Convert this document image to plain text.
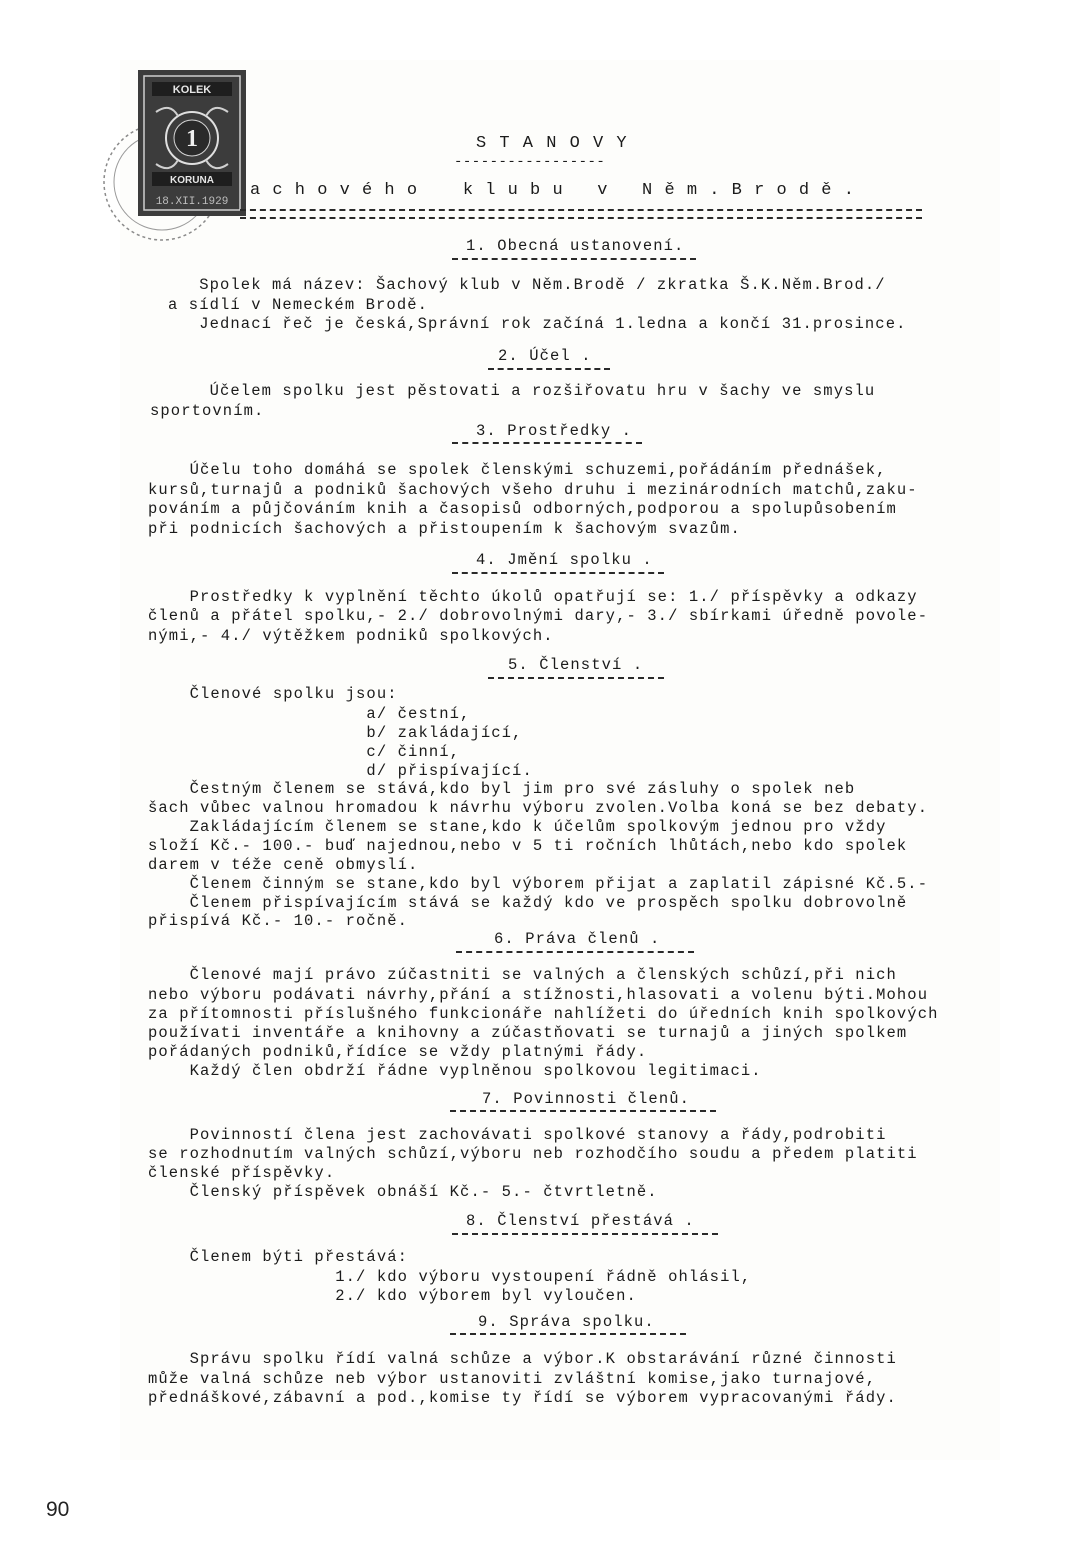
KOLEK
1
KORUNA
18.XII.1929
S T A N O V Y
-----------------
a c h o v é h o    k l u b u   v   N ě m . B r o d ě .
1. Obecná ustanovení.
Spolek má název: Šachový klub v Něm.Brodě / zkratka Š.K.Něm.Brod./
a sídlí v Nemeckém Brodě.
Jednací řeč je česká,Správní rok začíná 1.ledna a končí 31.prosince.
2. Účel .
Účelem spolku jest pěstovati a rozšiřovatu hru v šachy ve smyslu
sportovním.
3. Prostředky .
Účelu toho domáhá se spolek členskými schuzemi,pořádáním přednášek,
kursů,turnajů a podniků šachových všeho druhu i mezinárodních matchů,zaku-
pováním a půjčováním knih a časopisů odborných,podporou a spolupůsobením
při podnicích šachových a přistoupením k šachovým svazům.
4. Jmění spolku .
Prostředky k vyplnění těchto úkolů opatřují se: 1./ příspěvky a odkazy
členů a přátel spolku,- 2./ dobrovolnými dary,- 3./ sbírkami úředně povole-
nými,- 4./ výtěžkem podniků spolkových.
5. Členství .
Členové spolku jsou:
a/ čestní,
b/ zakládající,
c/ činní,
d/ přispívající.
Čestným členem se stává,kdo byl jim pro své zásluhy o spolek neb
šach vůbec valnou hromadou k návrhu výboru zvolen.Volba koná se bez debaty.
Zakládajícím členem se stane,kdo k účelům spolkovým jednou pro vždy
složí Kč.- 100.- buď najednou,nebo v 5 ti ročních lhůtách,nebo kdo spolek
darem v téže ceně obmyslí.
Členem činným se stane,kdo byl výborem přijat a zaplatil zápisné Kč.5.-
Členem přispívajícím stává se každý kdo ve prospěch spolku dobrovolně
přispívá Kč.- 10.- ročně.
6. Práva členů .
Členové mají právo zúčastniti se valných a členských schůzí,při nich
nebo výboru podávati návrhy,přání a stížnosti,hlasovati a volenu býti.Mohou
za přítomnosti příslušného funkcionáře nahlížeti do úředních knih spolkových
používati inventáře a knihovny a zúčastňovati se turnajů a jiných spolkem
pořádaných podniků,řídíce se vždy platnými řády.
Každý člen obdrží řádne vyplněnou spolkovou legitimaci.
7. Povinnosti členů.
Povinností člena jest zachovávati spolkové stanovy a řády,podrobiti
se rozhodnutím valných schůzí,výboru neb rozhodčího soudu a předem platiti
členské příspěvky.
Členský příspěvek obnáší Kč.- 5.- čtvrtletně.
8. Členství přestává .
Členem býti přestává:
1./ kdo výboru vystoupení řádně ohlásil,
2./ kdo výborem byl vyloučen.
9. Správa spolku.
Správu spolku řídí valná schůze a výbor.K obstarávání různé činnosti
může valná schůze neb výbor ustanoviti zvláštní komise,jako turnajové,
přednáškové,zábavní a pod.,komise ty řídí se výborem vypracovanými řády.
90
